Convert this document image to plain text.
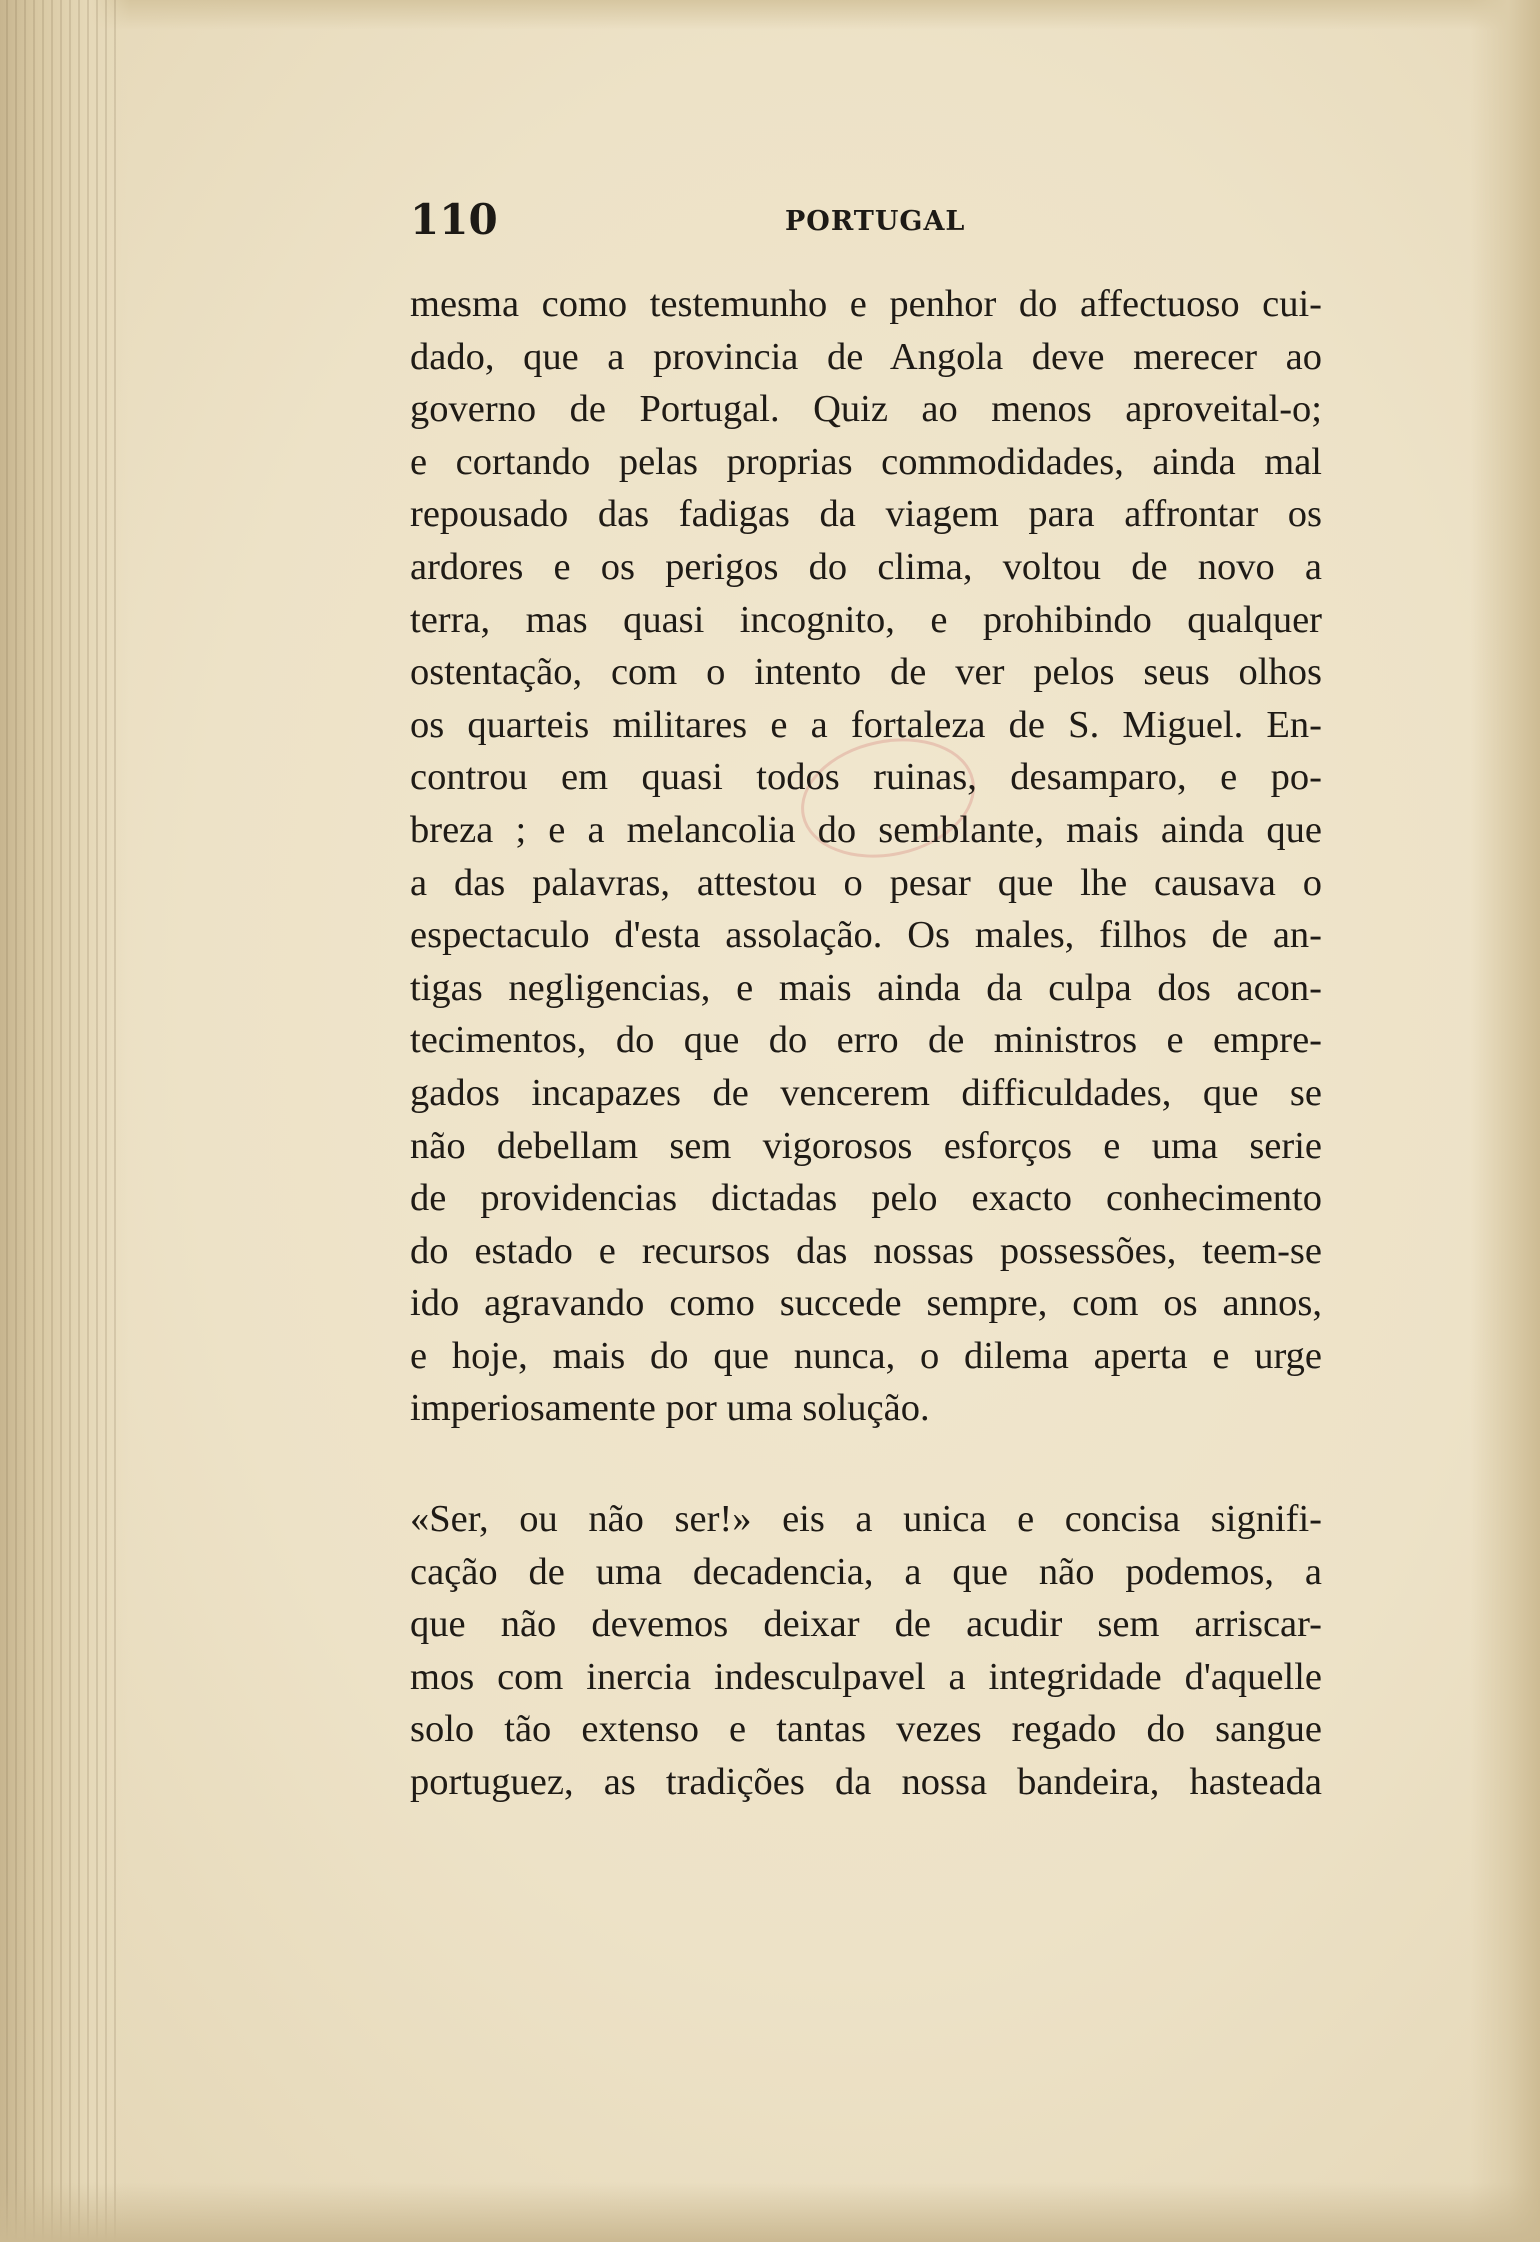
110	PORTUGAL
mesma como testemunho e penhor do affectuoso cui-
dado, que a provincia de Angola deve merecer ao
governo de Portugal. Quiz ao menos aproveital-o;
e cortando pelas proprias commodidades, ainda mal
repousado das fadigas da viagem para affrontar os
ardores e os perigos do clima, voltou de novo a
terra, mas quasi incognito, e prohibindo qualquer
ostentação, com o intento de ver pelos seus olhos
os quarteis militares e a fortaleza de S. Miguel. En-
controu em quasi todos ruinas, desamparo, e po-
breza ; e a melancolia do semblante, mais ainda que
a das palavras, attestou o pesar que lhe causava o
espectaculo d'esta assolação. Os males, filhos de an-
tigas negligencias, e mais ainda da culpa dos acon-
tecimentos, do que do erro de ministros e empre-
gados incapazes de vencerem difficuldades, que se
não debellam sem vigorosos esforços e uma serie
de providencias dictadas pelo exacto conhecimento
do estado e recursos das nossas possessões, teem-se
ido agravando como succede sempre, com os annos,
e hoje, mais do que nunca, o dilema aperta e urge
imperiosamente por uma solução.
«Ser, ou não ser!» eis a unica e concisa signifi-
cação de uma decadencia, a que não podemos, a
que não devemos deixar de acudir sem arriscar-
mos com inercia indesculpavel a integridade d'aquelle
solo tão extenso e tantas vezes regado do sangue
portuguez, as tradições da nossa bandeira, hasteada
